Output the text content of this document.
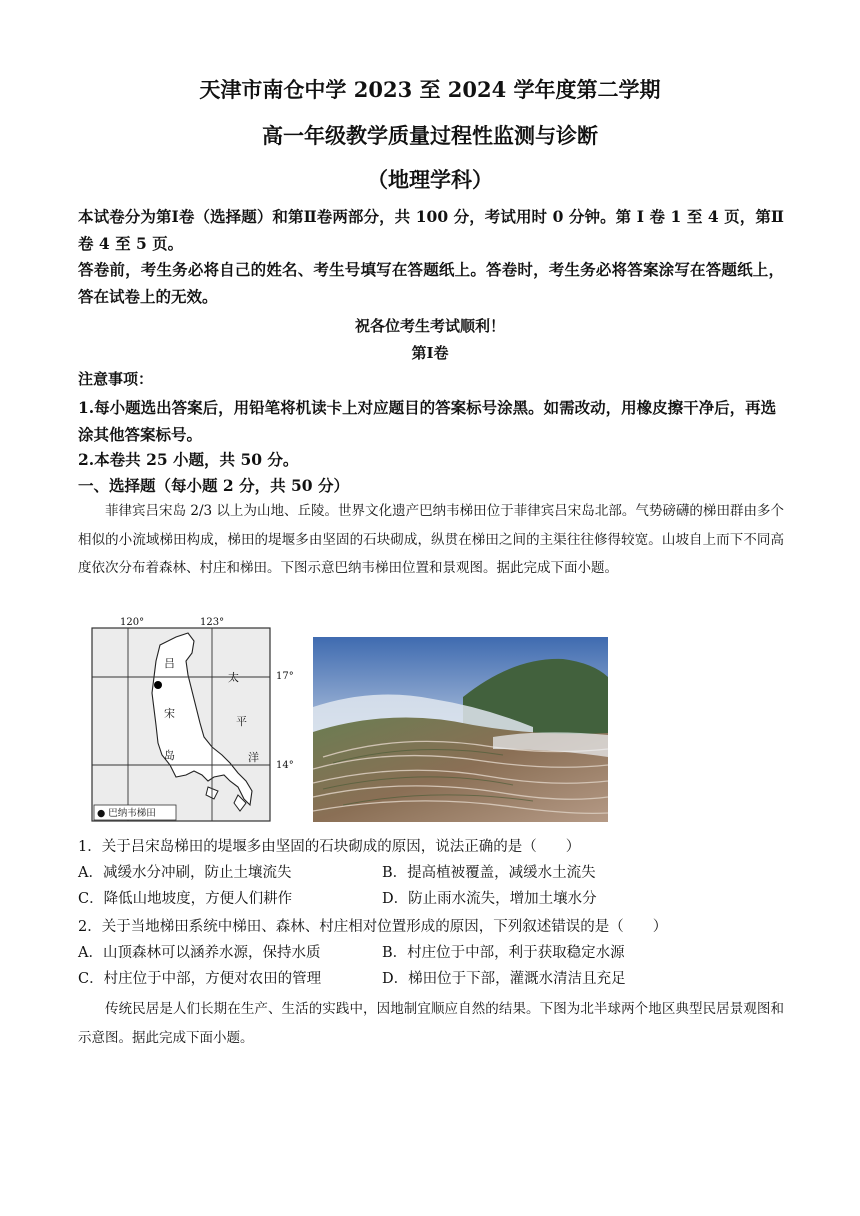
天津市南仓中学 2023 至 2024 学年度第二学期
高一年级教学质量过程性监测与诊断
（地理学科）
本试卷分为第Ⅰ卷（选择题）和第Ⅱ卷两部分，共 100 分，考试用时 0 分钟。第 I 卷 1 至 4 页，第Ⅱ卷 4 至 5 页。
答卷前，考生务必将自己的姓名、考生号填写在答题纸上。答卷时，考生务必将答案涂写在答题纸上，答在试卷上的无效。
祝各位考生考试顺利！
第Ⅰ卷
注意事项：
1.每小题选出答案后，用铅笔将机读卡上对应题目的答案标号涂黑。如需改动，用橡皮擦干净后，再选涂其他答案标号。
2.本卷共 25 小题，共 50 分。
一、选择题（每小题 2 分，共 50 分）
菲律宾吕宋岛 2/3 以上为山地、丘陵。世界文化遗产巴纳韦梯田位于菲律宾吕宋岛北部。气势磅礴的梯田群由多个相似的小流域梯田构成，梯田的堤堰多由坚固的石块砌成，纵贯在梯田之间的主渠往往修得较宽。山坡自上而下不同高度依次分布着森林、村庄和梯田。下图示意巴纳韦梯田位置和景观图。据此完成下面小题。
120°	123°
吕
宋
岛
太
平
洋
● 巴纳韦梯田
17°
14°
1．关于吕宋岛梯田的堤堰多由坚固的石块砌成的原因，说法正确的是（　　）
A．减缓水分冲刷，防止土壤流失	B．提高植被覆盖，减缓水土流失
C．降低山地坡度，方便人们耕作	D．防止雨水流失，增加土壤水分
2．关于当地梯田系统中梯田、森林、村庄相对位置形成的原因，下列叙述错误的是（　　）
A．山顶森林可以涵养水源，保持水质	B．村庄位于中部，利于获取稳定水源
C．村庄位于中部，方便对农田的管理	D．梯田位于下部，灌溉水清洁且充足
传统民居是人们长期在生产、生活的实践中，因地制宜顺应自然的结果。下图为北半球两个地区典型民居景观图和示意图。据此完成下面小题。
